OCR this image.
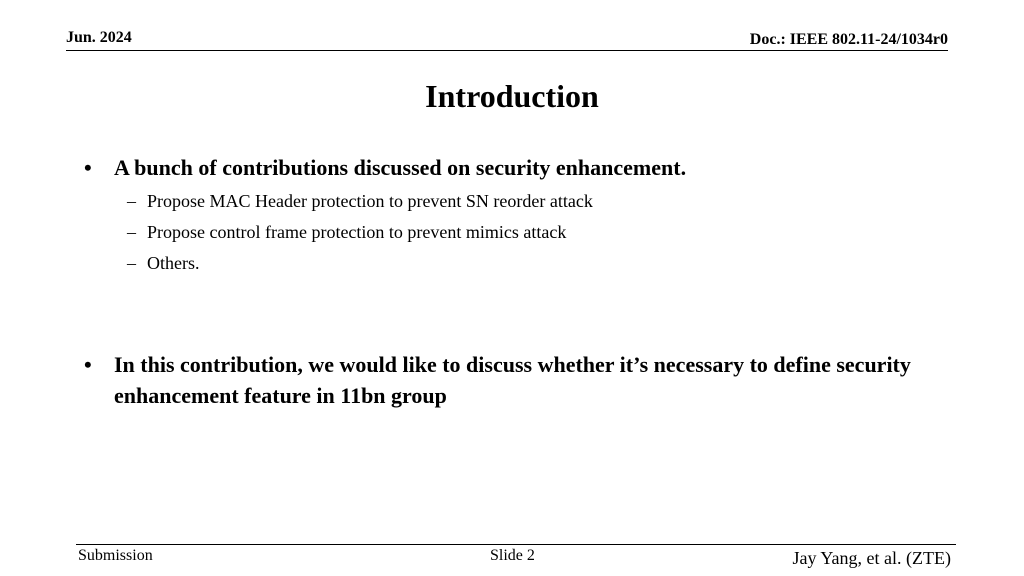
Jun. 2024	Doc.: IEEE 802.11-24/1034r0
Introduction
• A bunch of contributions discussed on security enhancement.
– Propose MAC Header protection to prevent SN reorder attack
– Propose control frame protection to prevent mimics attack
– Others.
• In this contribution, we would like to discuss whether it’s necessary to define security enhancement feature in 11bn group
Submission	Slide 2	Jay Yang, et al. (ZTE)
